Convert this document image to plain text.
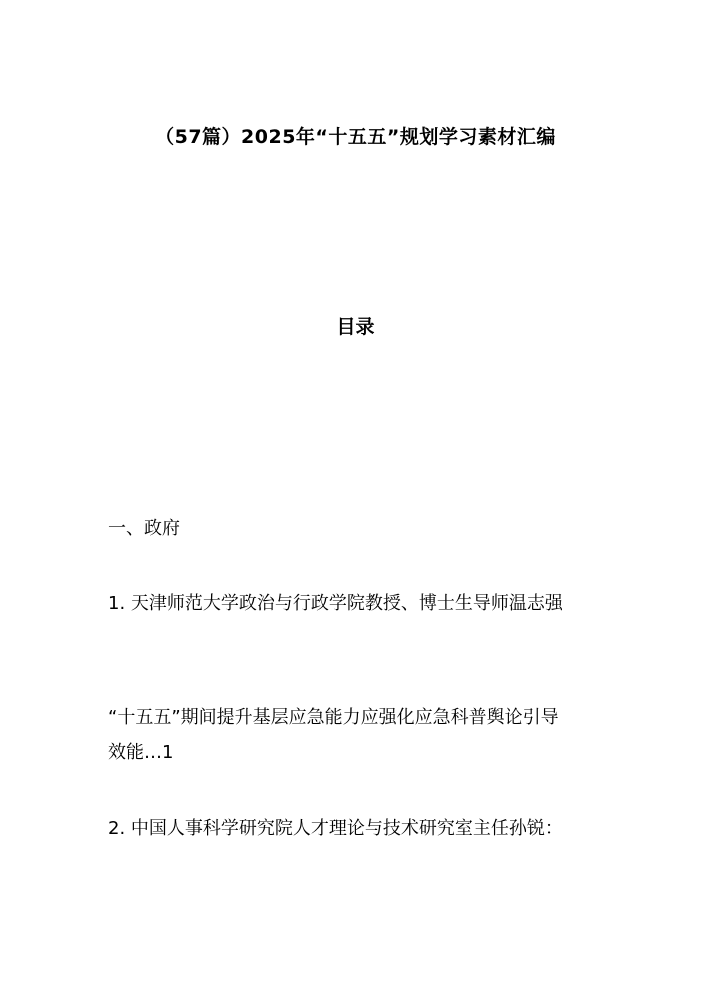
（57篇）2025年“十五五”规划学习素材汇编
目录
一、政府
1. 天津师范大学政治与行政学院教授、博士生导师温志强
“十五五”期间提升基层应急能力应强化应急科普舆论引导
效能…1
2. 中国人事科学研究院人才理论与技术研究室主任孙锐：
